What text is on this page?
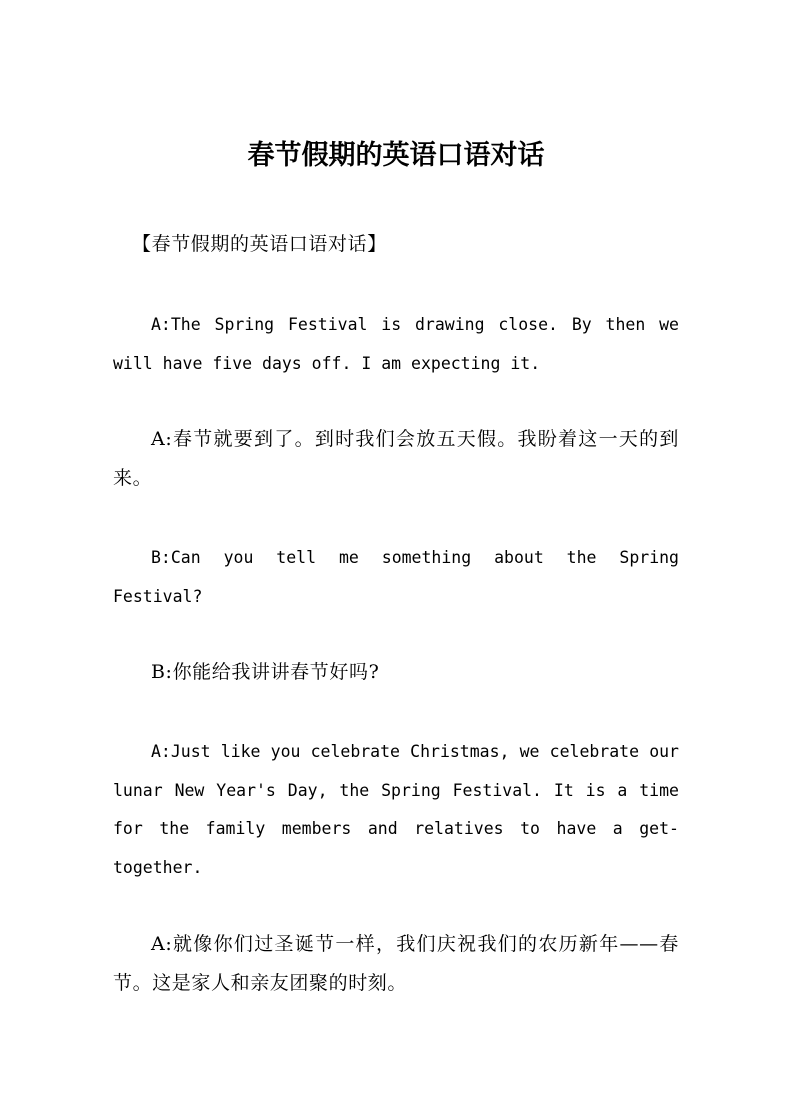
春节假期的英语口语对话
【春节假期的英语口语对话】
A:The Spring Festival is drawing close. By then we will have five days off. I am expecting it.
A:春节就要到了。到时我们会放五天假。我盼着这一天的到来。
B:Can you tell me something about the Spring Festival?
B:你能给我讲讲春节好吗?
A:Just like you celebrate Christmas, we celebrate our lunar New Year's Day, the Spring Festival. It is a time for the family members and relatives to have a get-together.
A:就像你们过圣诞节一样，我们庆祝我们的农历新年——春节。这是家人和亲友团聚的时刻。
